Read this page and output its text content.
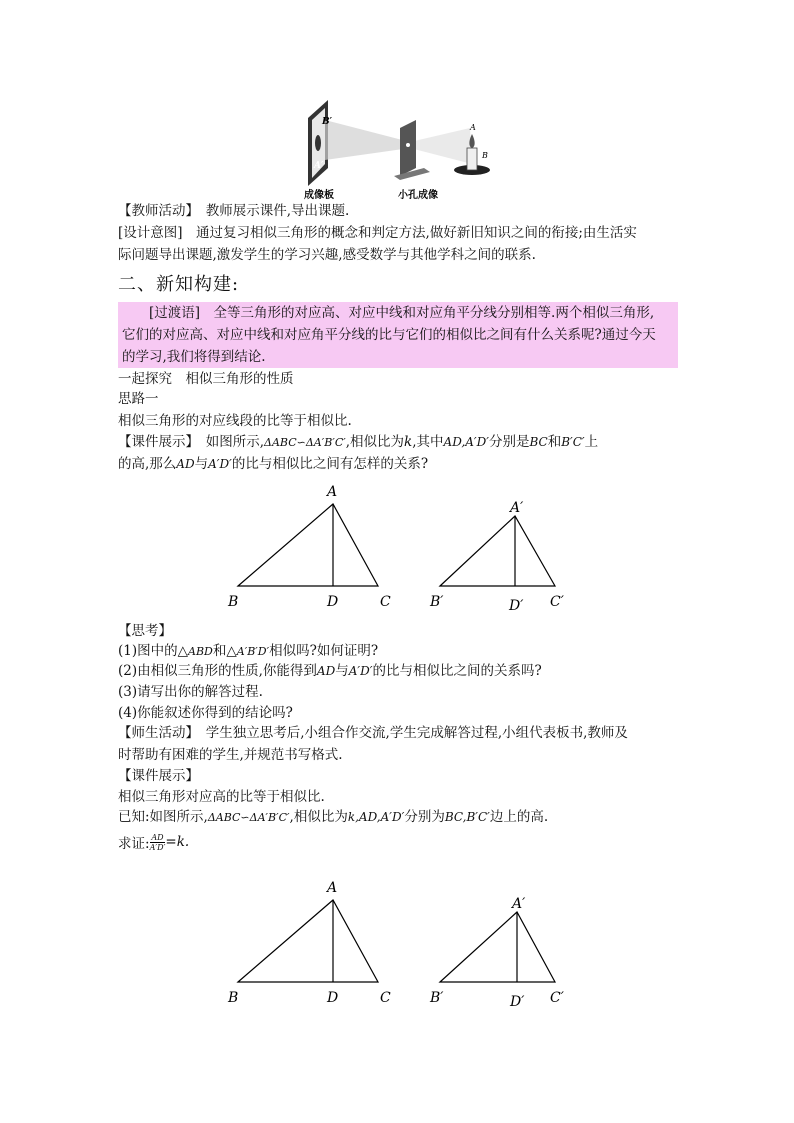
B′
A′
A
B
成像板	小孔成像
【教师活动】　 教师展示课件,导出课题.
[设计意图]　通过复习相似三角形的概念和判定方法,做好新旧知识之间的衔接;由生活实
际问题导出课题,激发学生的学习兴趣,感受数学与其他学科之间的联系.
二、新知构建:
　　[过渡语]　全等三角形的对应高、对应中线和对应角平分线分别相等.两个相似三角形,
它们的对应高、对应中线和对应角平分线的比与它们的相似比之间有什么关系呢?通过今天
的学习,我们将得到结论.
一起探究　相似三角形的性质
思路一
相似三角形的对应线段的比等于相似比.
【课件展示】　如图所示,ΔABC∽ΔA′B′C′,相似比为k,其中AD,A′D′分别是BC和B′C′上
的高,那么AD与A′D′的比与相似比之间有怎样的关系?
A
B	D	C
A′
B′	D′ C′
【思考】
(1)图中的△ABD和△A′B′D′相似吗?如何证明?
(2)由相似三角形的性质,你能得到AD与A′D′的比与相似比之间的关系吗?
(3)请写出你的解答过程.
(4)你能叙述你得到的结论吗?
【师生活动】　学生独立思考后,小组合作交流,学生完成解答过程,小组代表板书,教师及
时帮助有困难的学生,并规范书写格式.
【课件展示】
相似三角形对应高的比等于相似比.
已知:如图所示,ΔABC∽ΔA′B′C′,相似比为k,AD,A′D′分别为BC,B′C′边上的高.
求证: AD
A′D′ =k.
A
B	D	C
A′
B′	D′ C′
